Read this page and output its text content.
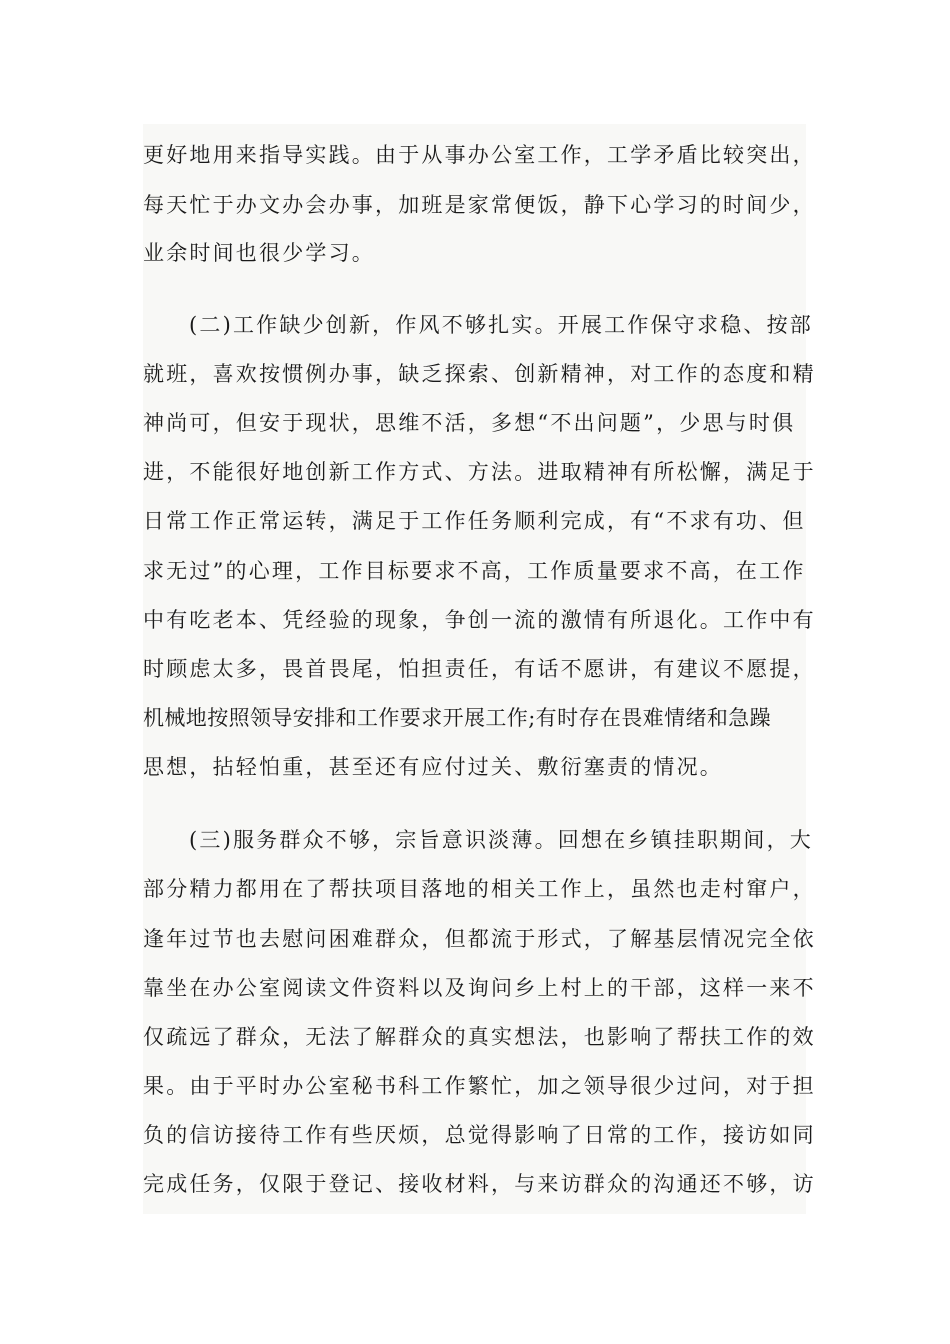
更好地用来指导实践。由于从事办公室工作，工学矛盾比较突出，
每天忙于办文办会办事，加班是家常便饭，静下心学习的时间少，
业余时间也很少学习。
(二)工作缺少创新，作风不够扎实。开展工作保守求稳、按部
就班，喜欢按惯例办事，缺乏探索、创新精神，对工作的态度和精
神尚可，但安于现状，思维不活，多想“不出问题”，少思与时俱
进，不能很好地创新工作方式、方法。进取精神有所松懈，满足于
日常工作正常运转，满足于工作任务顺利完成，有“不求有功、但
求无过”的心理，工作目标要求不高，工作质量要求不高，在工作
中有吃老本、凭经验的现象，争创一流的激情有所退化。工作中有
时顾虑太多，畏首畏尾，怕担责任，有话不愿讲，有建议不愿提，
机械地按照领导安排和工作要求开展工作;有时存在畏难情绪和急躁
思想，拈轻怕重，甚至还有应付过关、敷衍塞责的情况。
(三)服务群众不够，宗旨意识淡薄。回想在乡镇挂职期间，大
部分精力都用在了帮扶项目落地的相关工作上，虽然也走村窜户，
逢年过节也去慰问困难群众，但都流于形式，了解基层情况完全依
靠坐在办公室阅读文件资料以及询问乡上村上的干部，这样一来不
仅疏远了群众，无法了解群众的真实想法，也影响了帮扶工作的效
果。由于平时办公室秘书科工作繁忙，加之领导很少过问，对于担
负的信访接待工作有些厌烦，总觉得影响了日常的工作，接访如同
完成任务，仅限于登记、接收材料，与来访群众的沟通还不够，访
